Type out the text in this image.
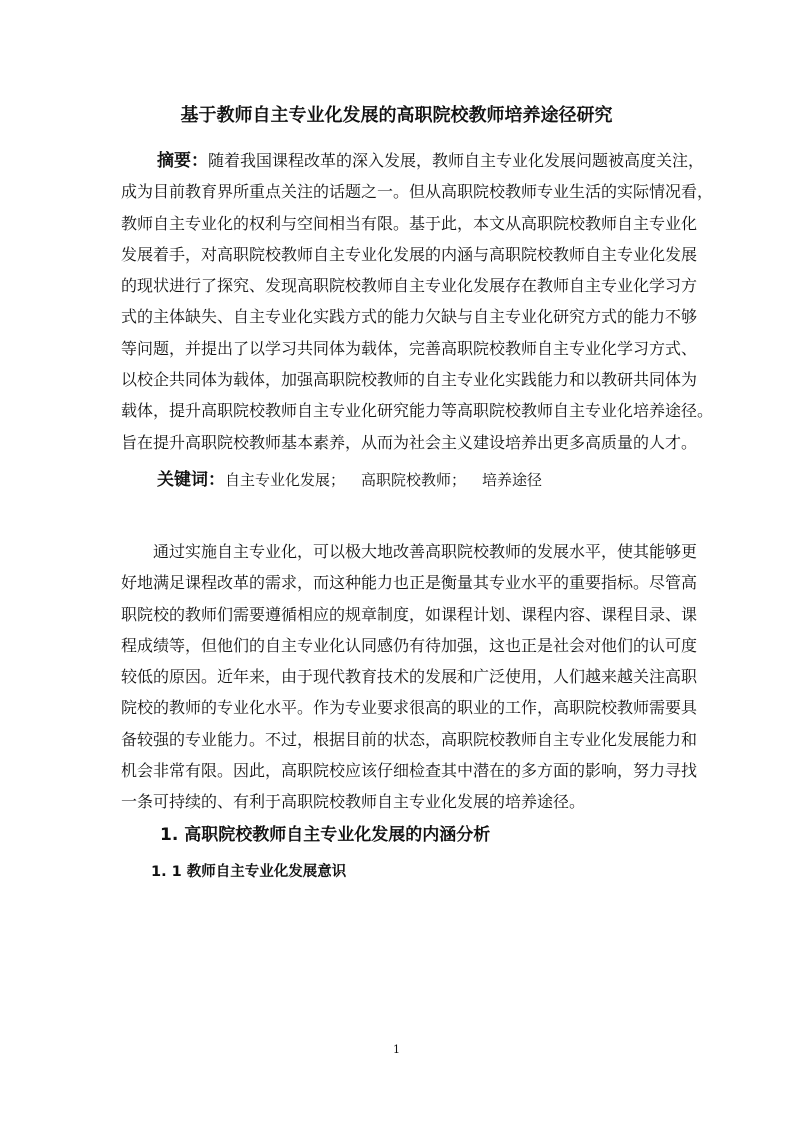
基于教师自主专业化发展的高职院校教师培养途径研究
摘要：随着我国课程改革的深入发展，教师自主专业化发展问题被高度关注，
成为目前教育界所重点关注的话题之一。但从高职院校教师专业生活的实际情况看，
教师自主专业化的权利与空间相当有限。基于此，本文从高职院校教师自主专业化
发展着手，对高职院校教师自主专业化发展的内涵与高职院校教师自主专业化发展
的现状进行了探究、发现高职院校教师自主专业化发展存在教师自主专业化学习方
式的主体缺失、自主专业化实践方式的能力欠缺与自主专业化研究方式的能力不够
等问题，并提出了以学习共同体为载体，完善高职院校教师自主专业化学习方式、
以校企共同体为载体，加强高职院校教师的自主专业化实践能力和以教研共同体为
载体，提升高职院校教师自主专业化研究能力等高职院校教师自主专业化培养途径。
旨在提升高职院校教师基本素养，从而为社会主义建设培养出更多高质量的人才。
关键词：自主专业化发展； 高职院校教师； 培养途径
通过实施自主专业化，可以极大地改善高职院校教师的发展水平，使其能够更
好地满足课程改革的需求，而这种能力也正是衡量其专业水平的重要指标。尽管高
职院校的教师们需要遵循相应的规章制度，如课程计划、课程内容、课程目录、课
程成绩等，但他们的自主专业化认同感仍有待加强，这也正是社会对他们的认可度
较低的原因。近年来，由于现代教育技术的发展和广泛使用，人们越来越关注高职
院校的教师的专业化水平。作为专业要求很高的职业的工作，高职院校教师需要具
备较强的专业能力。不过，根据目前的状态，高职院校教师自主专业化发展能力和
机会非常有限。因此，高职院校应该仔细检查其中潜在的多方面的影响，努力寻找
一条可持续的、有利于高职院校教师自主专业化发展的培养途径。
1. 高职院校教师自主专业化发展的内涵分析
1. 1 教师自主专业化发展意识
1
